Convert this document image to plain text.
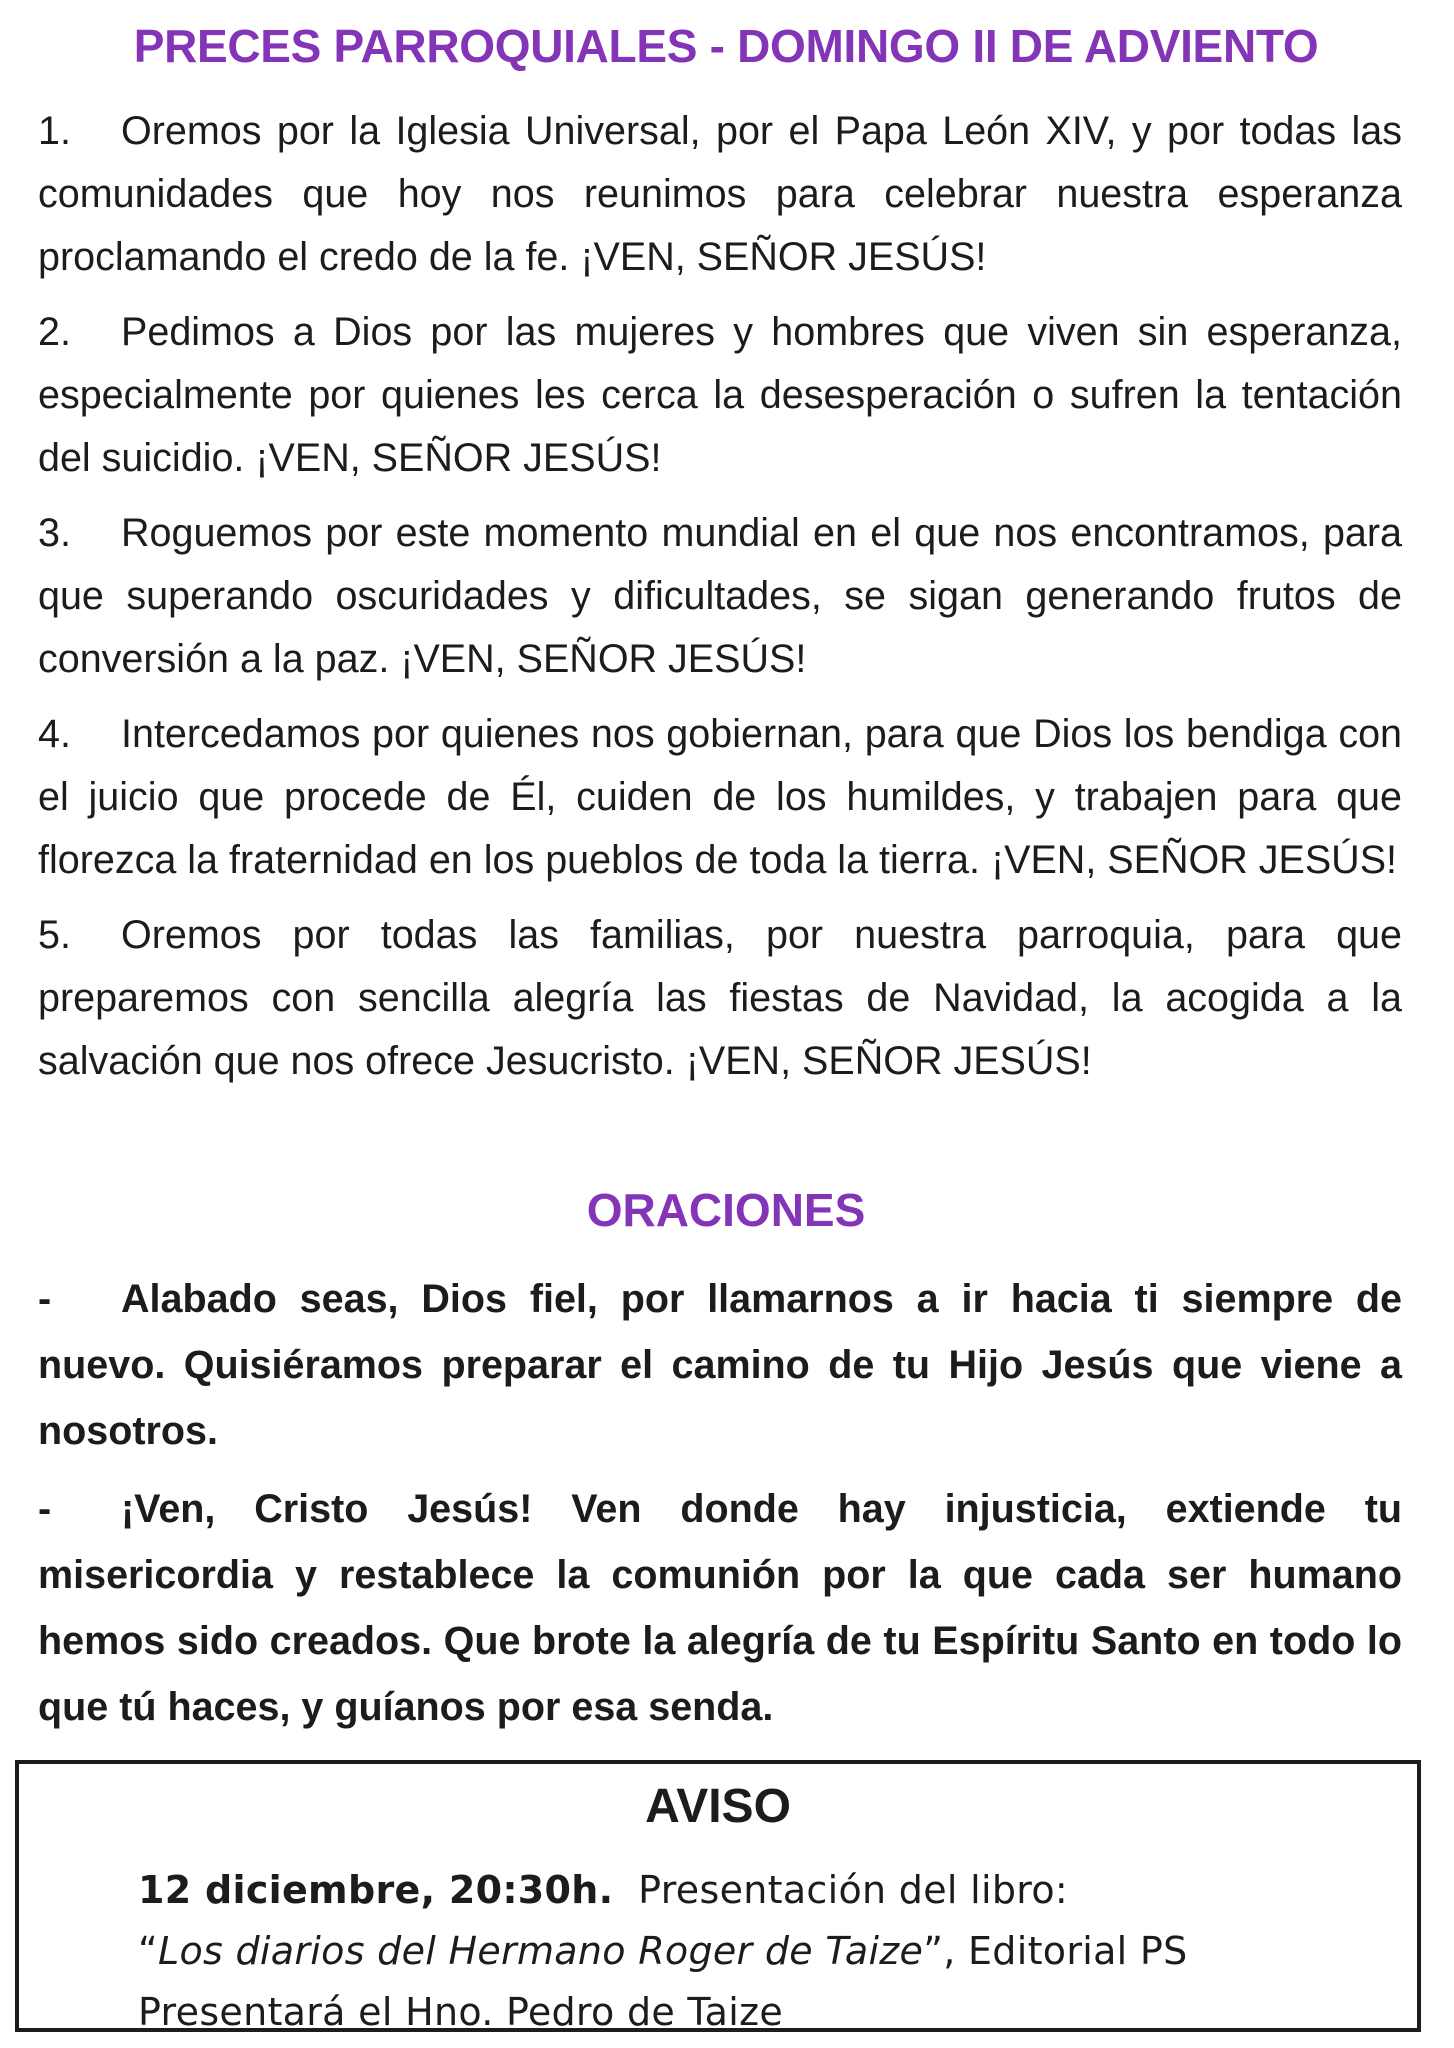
PRECES PARROQUIALES - DOMINGO II DE ADVIENTO

1. Oremos por la Iglesia Universal, por el Papa León XIV, y por todas las comunidades que hoy nos reunimos para celebrar nuestra esperanza proclamando el credo de la fe. ¡VEN, SEÑOR JESÚS!

2. Pedimos a Dios por las mujeres y hombres que viven sin esperanza, especialmente por quienes les cerca la desesperación o sufren la tentación del suicidio. ¡VEN, SEÑOR JESÚS!

3. Roguemos por este momento mundial en el que nos encontramos, para que superando oscuridades y dificultades, se sigan generando frutos de conversión a la paz. ¡VEN, SEÑOR JESÚS!

4. Intercedamos por quienes nos gobiernan, para que Dios los bendiga con el juicio que procede de Él, cuiden de los humildes, y trabajen para que florezca la fraternidad en los pueblos de toda la tierra. ¡VEN, SEÑOR JESÚS!

5. Oremos por todas las familias, por nuestra parroquia, para que preparemos con sencilla alegría las fiestas de Navidad, la acogida a la salvación que nos ofrece Jesucristo. ¡VEN, SEÑOR JESÚS!

ORACIONES

- Alabado seas, Dios fiel, por llamarnos a ir hacia ti siempre de nuevo. Quisiéramos preparar el camino de tu Hijo Jesús que viene a nosotros.

- ¡Ven, Cristo Jesús! Ven donde hay injusticia, extiende tu misericordia y restablece la comunión por la que cada ser humano hemos sido creados. Que brote la alegría de tu Espíritu Santo en todo lo que tú haces, y guíanos por esa senda.

AVISO
12 diciembre, 20:30h. Presentación del libro:
“Los diarios del Hermano Roger de Taize”, Editorial PS
Presentará el Hno. Pedro de Taize
